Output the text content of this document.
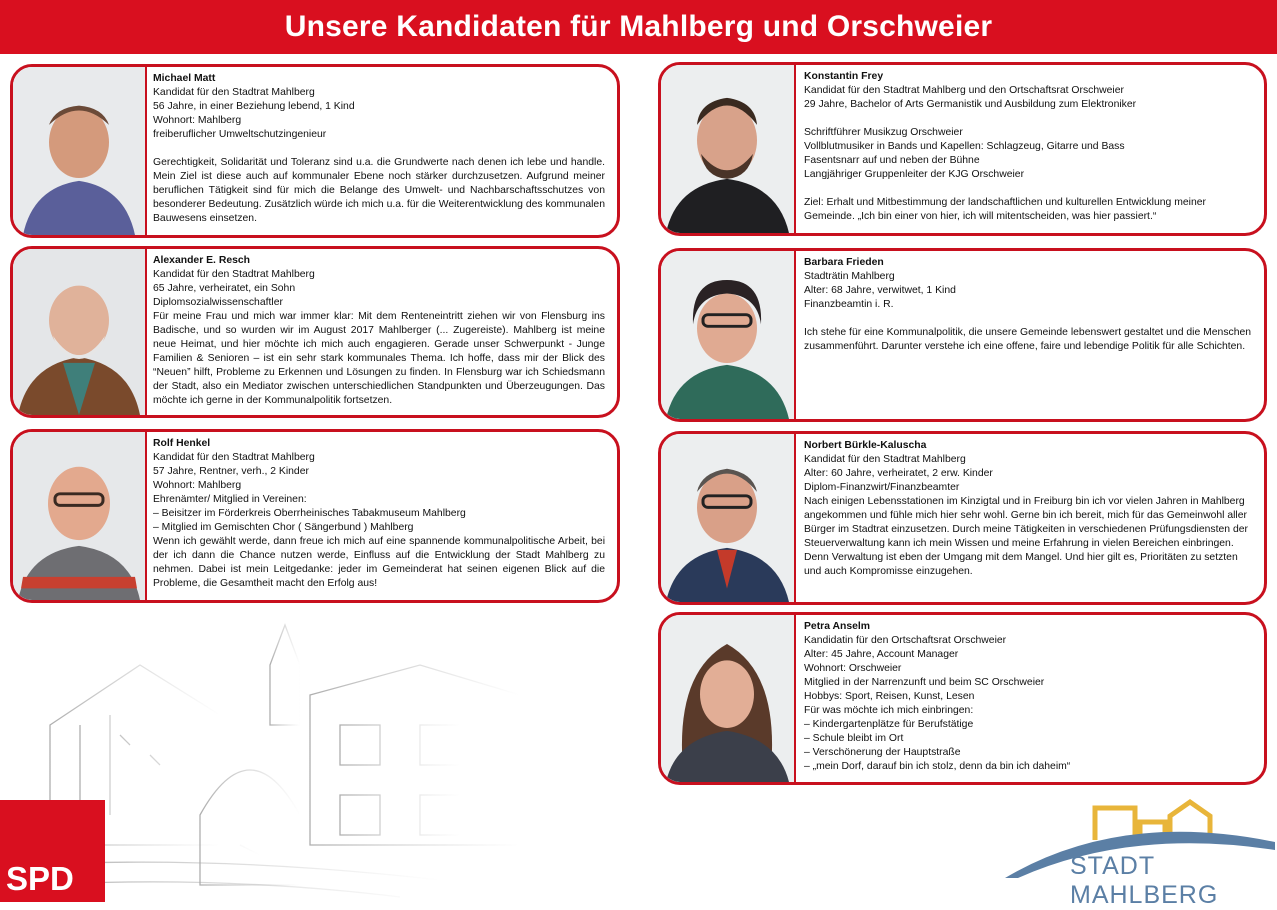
Unsere Kandidaten für Mahlberg und Orschweier
Michael Matt

Kandidat für den Stadtrat Mahlberg

56 Jahre, in einer Beziehung lebend, 1 Kind

Wohnort: Mahlberg

freiberuflicher Umweltschutzingenieur

Gerechtigkeit, Solidarität und Toleranz sind u.a. die Grundwerte nach denen ich lebe und handle. Mein Ziel ist diese auch auf kommunaler Ebene noch stärker durchzusetzen. Aufgrund meiner beruflichen Tätigkeit sind für mich die Belange des Umwelt- und Nachbarschaftsschutzes von besonderer Bedeutung. Zusätzlich würde ich mich u.a. für die Weiterentwicklung des kommunalen Bauwesens einsetzen.

Alexander E. Resch

Kandidat für den Stadtrat Mahlberg

65 Jahre, verheiratet, ein Sohn

Diplomsozialwissenschaftler

Für meine Frau und mich war immer klar: Mit dem Renteneintritt ziehen wir von Flensburg ins Badische, und so wurden wir im August 2017 Mahlberger (... Zugereiste). Mahlberg ist meine neue Heimat, und hier möchte ich mich auch engagieren. Gerade unser Schwerpunkt - Junge Familien & Senioren – ist ein sehr stark kommunales Thema. Ich hoffe, dass mir der Blick des “Neuen” hilft, Probleme zu Erkennen und Lösungen zu finden. In Flensburg war ich Schiedsmann der Stadt, also ein Mediator zwischen unterschiedlichen Standpunkten und Überzeugungen. Das möchte ich gerne in der Kommunalpolitik fortsetzen.

Rolf Henkel

Kandidat für den Stadtrat Mahlberg

57 Jahre, Rentner, verh., 2 Kinder

Wohnort: Mahlberg

Ehrenämter/ Mitglied in Vereinen:

– Beisitzer im Förderkreis Oberrheinisches Tabakmuseum Mahlberg

– Mitglied im Gemischten Chor ( Sängerbund ) Mahlberg

Wenn ich gewählt werde, dann freue ich mich auf eine spannende kommunalpolitische Arbeit, bei der ich dann die Chance nutzen werde, Einfluss auf die Entwicklung der Stadt Mahlberg zu nehmen. Dabei ist mein Leitgedanke: jeder im Gemeinderat hat seinen eigenen Blick auf die Probleme, die Gesamtheit macht den Erfolg aus!

Konstantin Frey

Kandidat für den Stadtrat Mahlberg und den Ortschaftsrat Orschweier

29 Jahre, Bachelor of Arts Germanistik und Ausbildung zum Elektroniker

Schriftführer Musikzug Orschweier

Vollblutmusiker in Bands und Kapellen: Schlagzeug, Gitarre und Bass

Fasentsnarr auf und neben der Bühne

Langjähriger Gruppenleiter der KJG Orschweier

Ziel: Erhalt und Mitbestimmung der landschaftlichen und kulturellen Entwicklung meiner Gemeinde. „Ich bin einer von hier, ich will mitentscheiden, was hier passiert.“

Barbara Frieden

Stadträtin Mahlberg

Alter: 68 Jahre, verwitwet, 1 Kind

Finanzbeamtin i. R.

Ich stehe für eine Kommunalpolitik, die unsere Gemeinde lebenswert gestaltet und die Menschen zusammenführt. Darunter verstehe ich eine offene, faire und lebendige Politik für alle Schichten.

Norbert Bürkle-Kaluscha

Kandidat für den Stadtrat Mahlberg

Alter: 60 Jahre, verheiratet, 2 erw. Kinder

Diplom-Finanzwirt/Finanzbeamter

Nach einigen Lebensstationen im Kinzigtal und in Freiburg bin ich vor vielen Jahren in Mahlberg angekommen und fühle mich hier sehr wohl. Gerne bin ich bereit, mich für das Gemeinwohl aller Bürger im Stadtrat einzusetzen. Durch meine Tätigkeiten in verschiedenen Prüfungsdiensten der Steuerverwaltung kann ich mein Wissen und meine Erfahrung in vielen Bereichen einbringen. Denn Verwaltung ist eben der Umgang mit dem Mangel. Und hier gilt es, Prioritäten zu setzten und auch Kompromisse einzugehen.

Petra Anselm

Kandidatin für den Ortschaftsrat Orschweier

Alter: 45 Jahre, Account Manager

Wohnort: Orschweier

Mitglied in der Narrenzunft und beim SC Orschweier

Hobbys: Sport, Reisen, Kunst, Lesen

Für was möchte ich mich einbringen:

– Kindergartenplätze für Berufstätige

– Schule bleibt im Ort

– Verschönerung der Hauptstraße

– „mein Dorf, darauf bin ich stolz, denn da bin ich daheim“

SPD	STADT MAHLBERG
